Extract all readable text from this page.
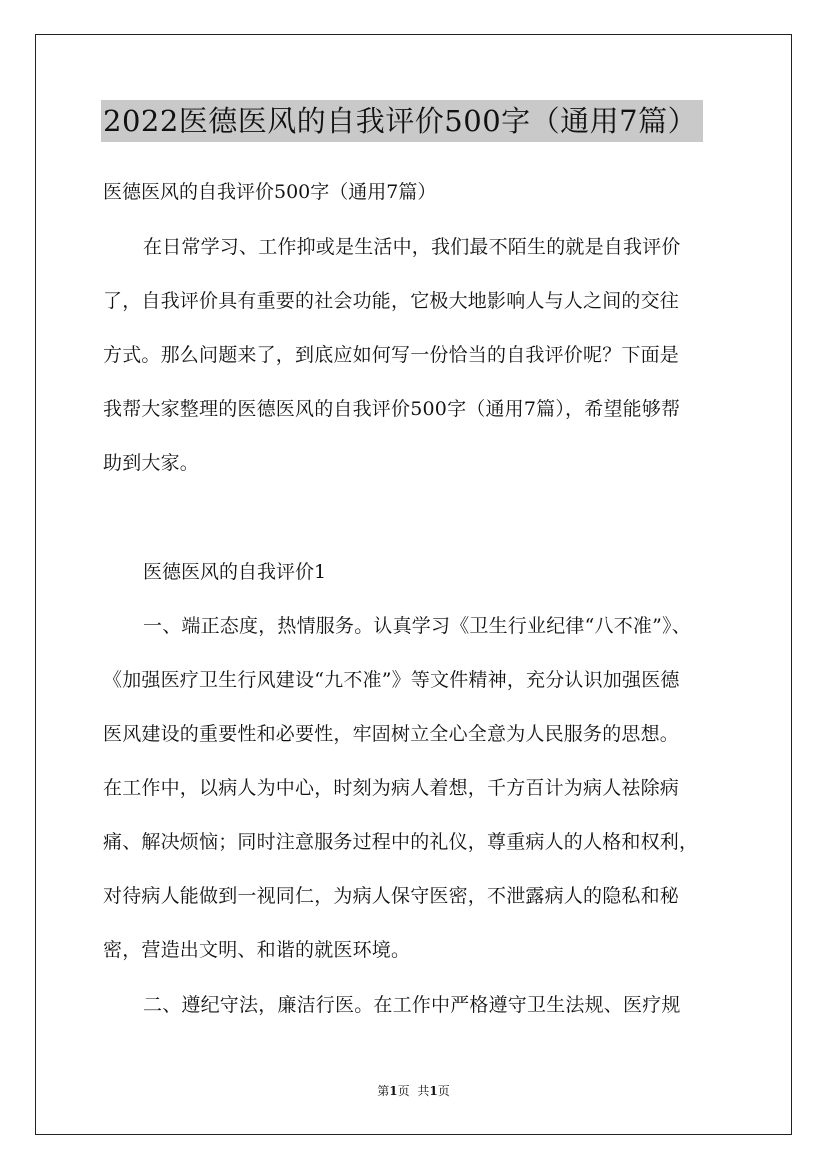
2022医德医风的自我评价500字（通用7篇）
医德医风的自我评价500字（通用7篇）
在日常学习、工作抑或是生活中，我们最不陌生的就是自我评价
了，自我评价具有重要的社会功能，它极大地影响人与人之间的交往
方式。那么问题来了，到底应如何写一份恰当的自我评价呢？下面是
我帮大家整理的医德医风的自我评价500字（通用7篇），希望能够帮
助到大家。
医德医风的自我评价1
一、端正态度，热情服务。认真学习《卫生行业纪律“八不准”》、
《加强医疗卫生行风建设“九不准”》等文件精神，充分认识加强医德
医风建设的重要性和必要性，牢固树立全心全意为人民服务的思想。
在工作中，以病人为中心，时刻为病人着想，千方百计为病人祛除病
痛、解决烦恼；同时注意服务过程中的礼仪，尊重病人的人格和权利，
对待病人能做到一视同仁，为病人保守医密，不泄露病人的隐私和秘
密，营造出文明、和谐的就医环境。
二、遵纪守法，廉洁行医。在工作中严格遵守卫生法规、医疗规
第1页 共1页
